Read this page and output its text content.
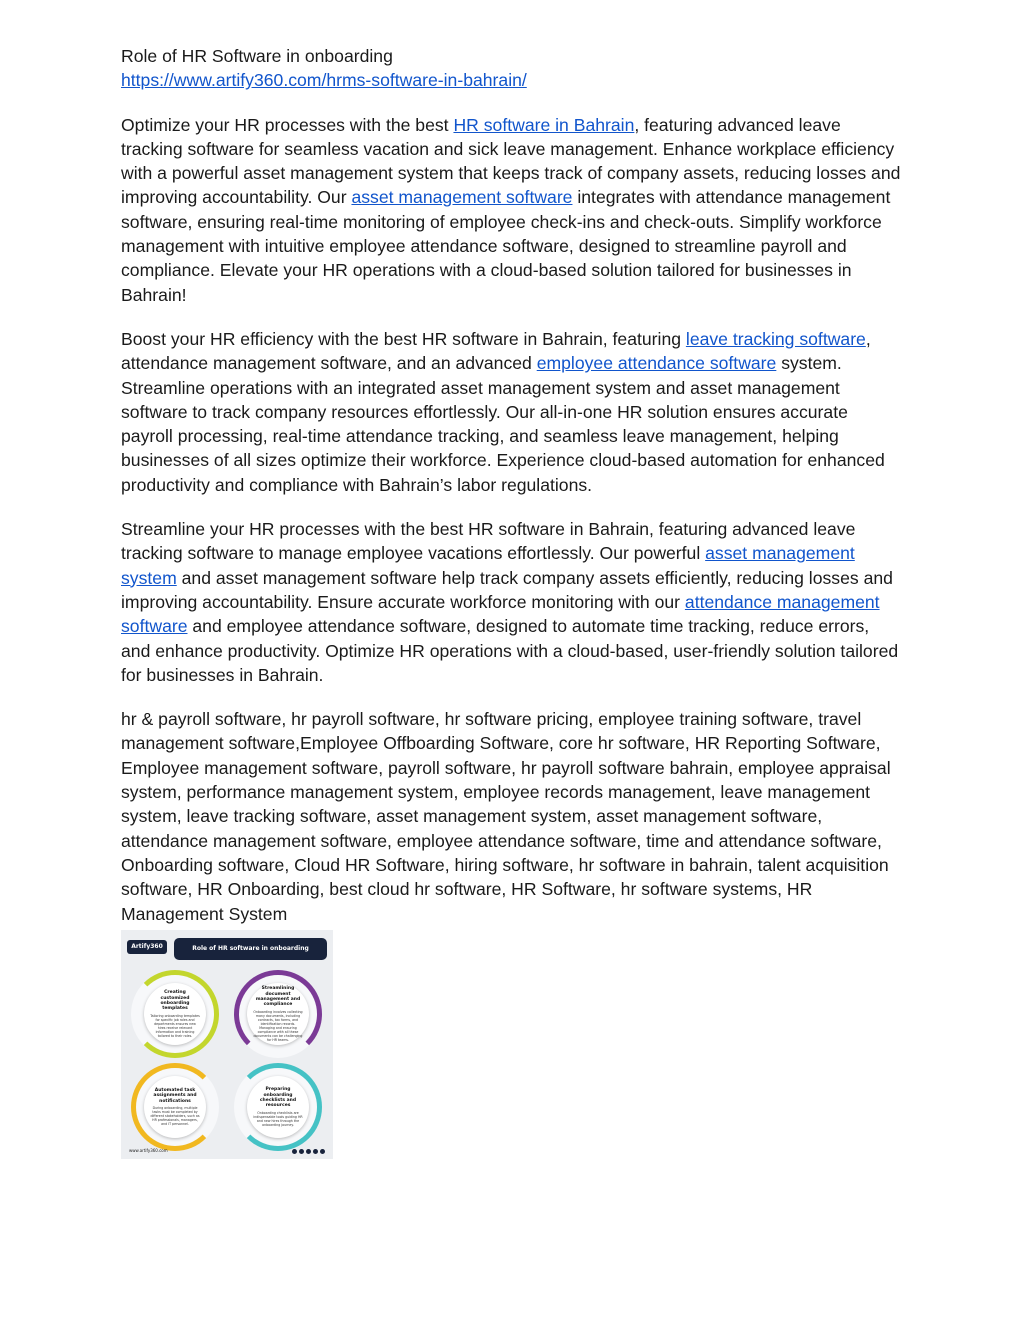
Role of HR Software in onboarding
https://www.artify360.com/hrms-software-in-bahrain/

Optimize your HR processes with the best HR software in Bahrain, featuring advanced leave tracking software for seamless vacation and sick leave management. Enhance workplace efficiency with a powerful asset management system that keeps track of company assets, reducing losses and improving accountability. Our asset management software integrates with attendance management software, ensuring real-time monitoring of employee check-ins and check-outs. Simplify workforce management with intuitive employee attendance software, designed to streamline payroll and compliance. Elevate your HR operations with a cloud-based solution tailored for businesses in Bahrain!

Boost your HR efficiency with the best HR software in Bahrain, featuring leave tracking software, attendance management software, and an advanced employee attendance software system. Streamline operations with an integrated asset management system and asset management software to track company resources effortlessly. Our all-in-one HR solution ensures accurate payroll processing, real-time attendance tracking, and seamless leave management, helping businesses of all sizes optimize their workforce. Experience cloud-based automation for enhanced productivity and compliance with Bahrain’s labor regulations.

Streamline your HR processes with the best HR software in Bahrain, featuring advanced leave tracking software to manage employee vacations effortlessly. Our powerful asset management system and asset management software help track company assets efficiently, reducing losses and improving accountability. Ensure accurate workforce monitoring with our attendance management software and employee attendance software, designed to automate time tracking, reduce errors, and enhance productivity. Optimize HR operations with a cloud-based, user-friendly solution tailored for businesses in Bahrain.

hr & payroll software, hr payroll software, hr software pricing, employee training software, travel management software,Employee Offboarding Software, core hr software, HR Reporting Software, Employee management software, payroll software, hr payroll software bahrain, employee appraisal system, performance management system, employee records management, leave management system, leave tracking software, asset management system, asset management software, attendance management software, employee attendance software, time and attendance software, Onboarding software, Cloud HR Software, hiring software, hr software in bahrain, talent acquisition software, HR Onboarding, best cloud hr software, HR Software, hr software systems, HR Management System

Artify360	Role of HR software in onboarding
Creating customized onboarding templates
Tailoring onboarding templates for specific job roles and departments ensures new hires receive relevant information and training tailored to their roles.
Streamlining document management and compliance
Onboarding involves collecting many documents, including contracts, tax forms, and identification records. Managing and ensuring compliance with all these documents can be challenging for HR teams.
Automated task assignments and notifications
During onboarding, multiple tasks must be completed by different stakeholders, such as HR professionals, managers, and IT personnel.
Preparing onboarding checklists and resources
Onboarding checklists are indispensable tools guiding HR and new hires through the onboarding journey.
www.artify360.com
